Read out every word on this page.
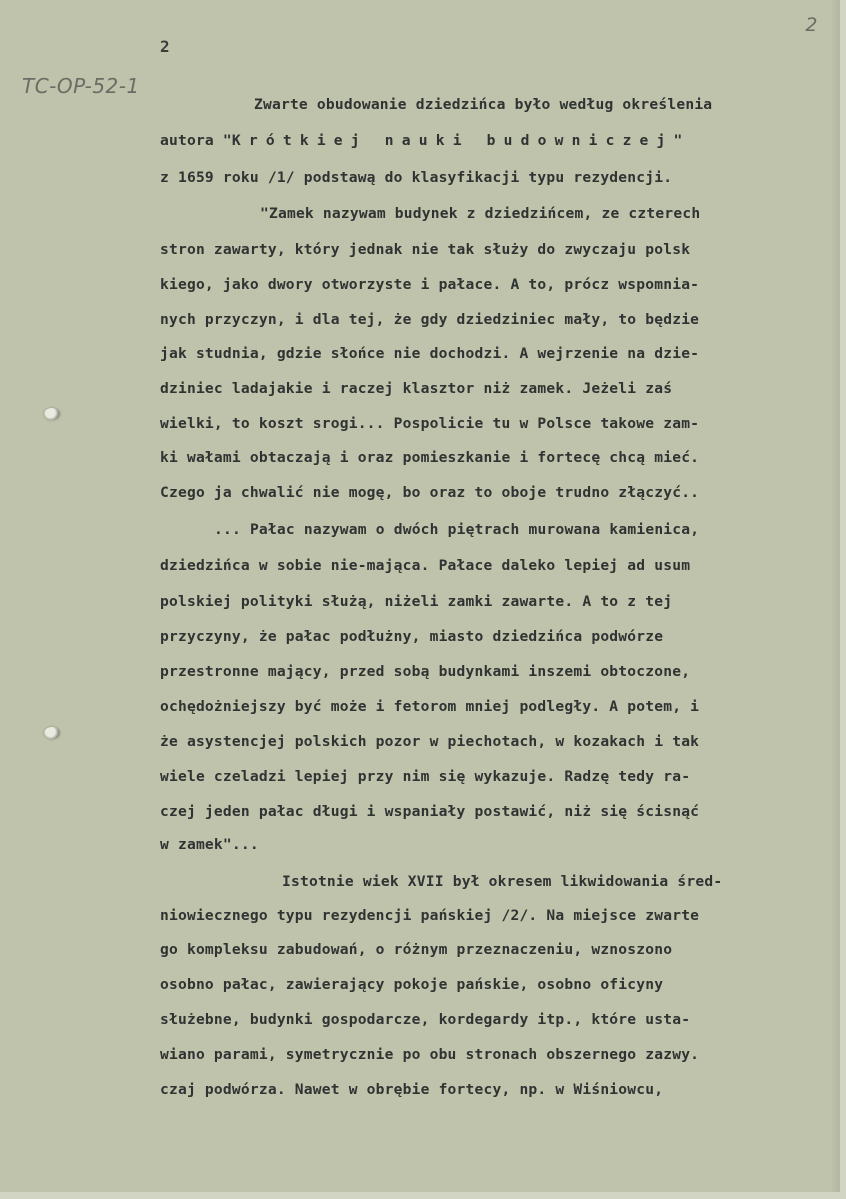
TC-OP-52-1
2
2
Zwarte obudowanie dziedzińca było według określenia
autora "Krótkiej nauki budowniczej"
z 1659 roku /1/ podstawą do klasyfikacji typu rezydencji.
"Zamek nazywam budynek z dziedzińcem, ze czterech
stron zawarty, który jednak nie tak służy do zwyczaju polsk
kiego, jako dwory otworzyste i pałace. A to, prócz wspomnia-
nych przyczyn, i dla tej, że gdy dziedziniec mały, to będzie
jak studnia, gdzie słońce nie dochodzi. A wejrzenie na dzie-
dziniec ladajakie i raczej klasztor niż zamek. Jeżeli zaś
wielki, to koszt srogi... Pospolicie tu w Polsce takowe zam-
ki wałami obtaczają i oraz pomieszkanie i fortecę chcą mieć.
Czego ja chwalić nie mogę, bo oraz to oboje trudno złączyć..
... Pałac nazywam o dwóch piętrach murowana kamienica,
dziedzińca w sobie nie-mająca. Pałace daleko lepiej ad usum
polskiej polityki służą, niżeli zamki zawarte. A to z tej
przyczyny, że pałac podłużny, miasto dziedzińca podwórze
przestronne mający, przed sobą budynkami inszemi obtoczone,
ochędożniejszy być może i fetorom mniej podległy. A potem, i
że asystencjej polskich pozor w piechotach, w kozakach i tak
wiele czeladzi lepiej przy nim się wykazuje. Radzę tedy ra-
czej jeden pałac długi i wspaniały postawić, niż się ścisnąć
w zamek"...
Istotnie wiek XVII był okresem likwidowania śred-
niowiecznego typu rezydencji pańskiej /2/. Na miejsce zwarte
go kompleksu zabudowań, o różnym przeznaczeniu, wznoszono
osobno pałac, zawierający pokoje pańskie, osobno oficyny
służebne, budynki gospodarcze, kordegardy itp., które usta-
wiano parami, symetrycznie po obu stronach obszernego zazwy.
czaj podwórza. Nawet w obrębie fortecy, np. w Wiśniowcu,
